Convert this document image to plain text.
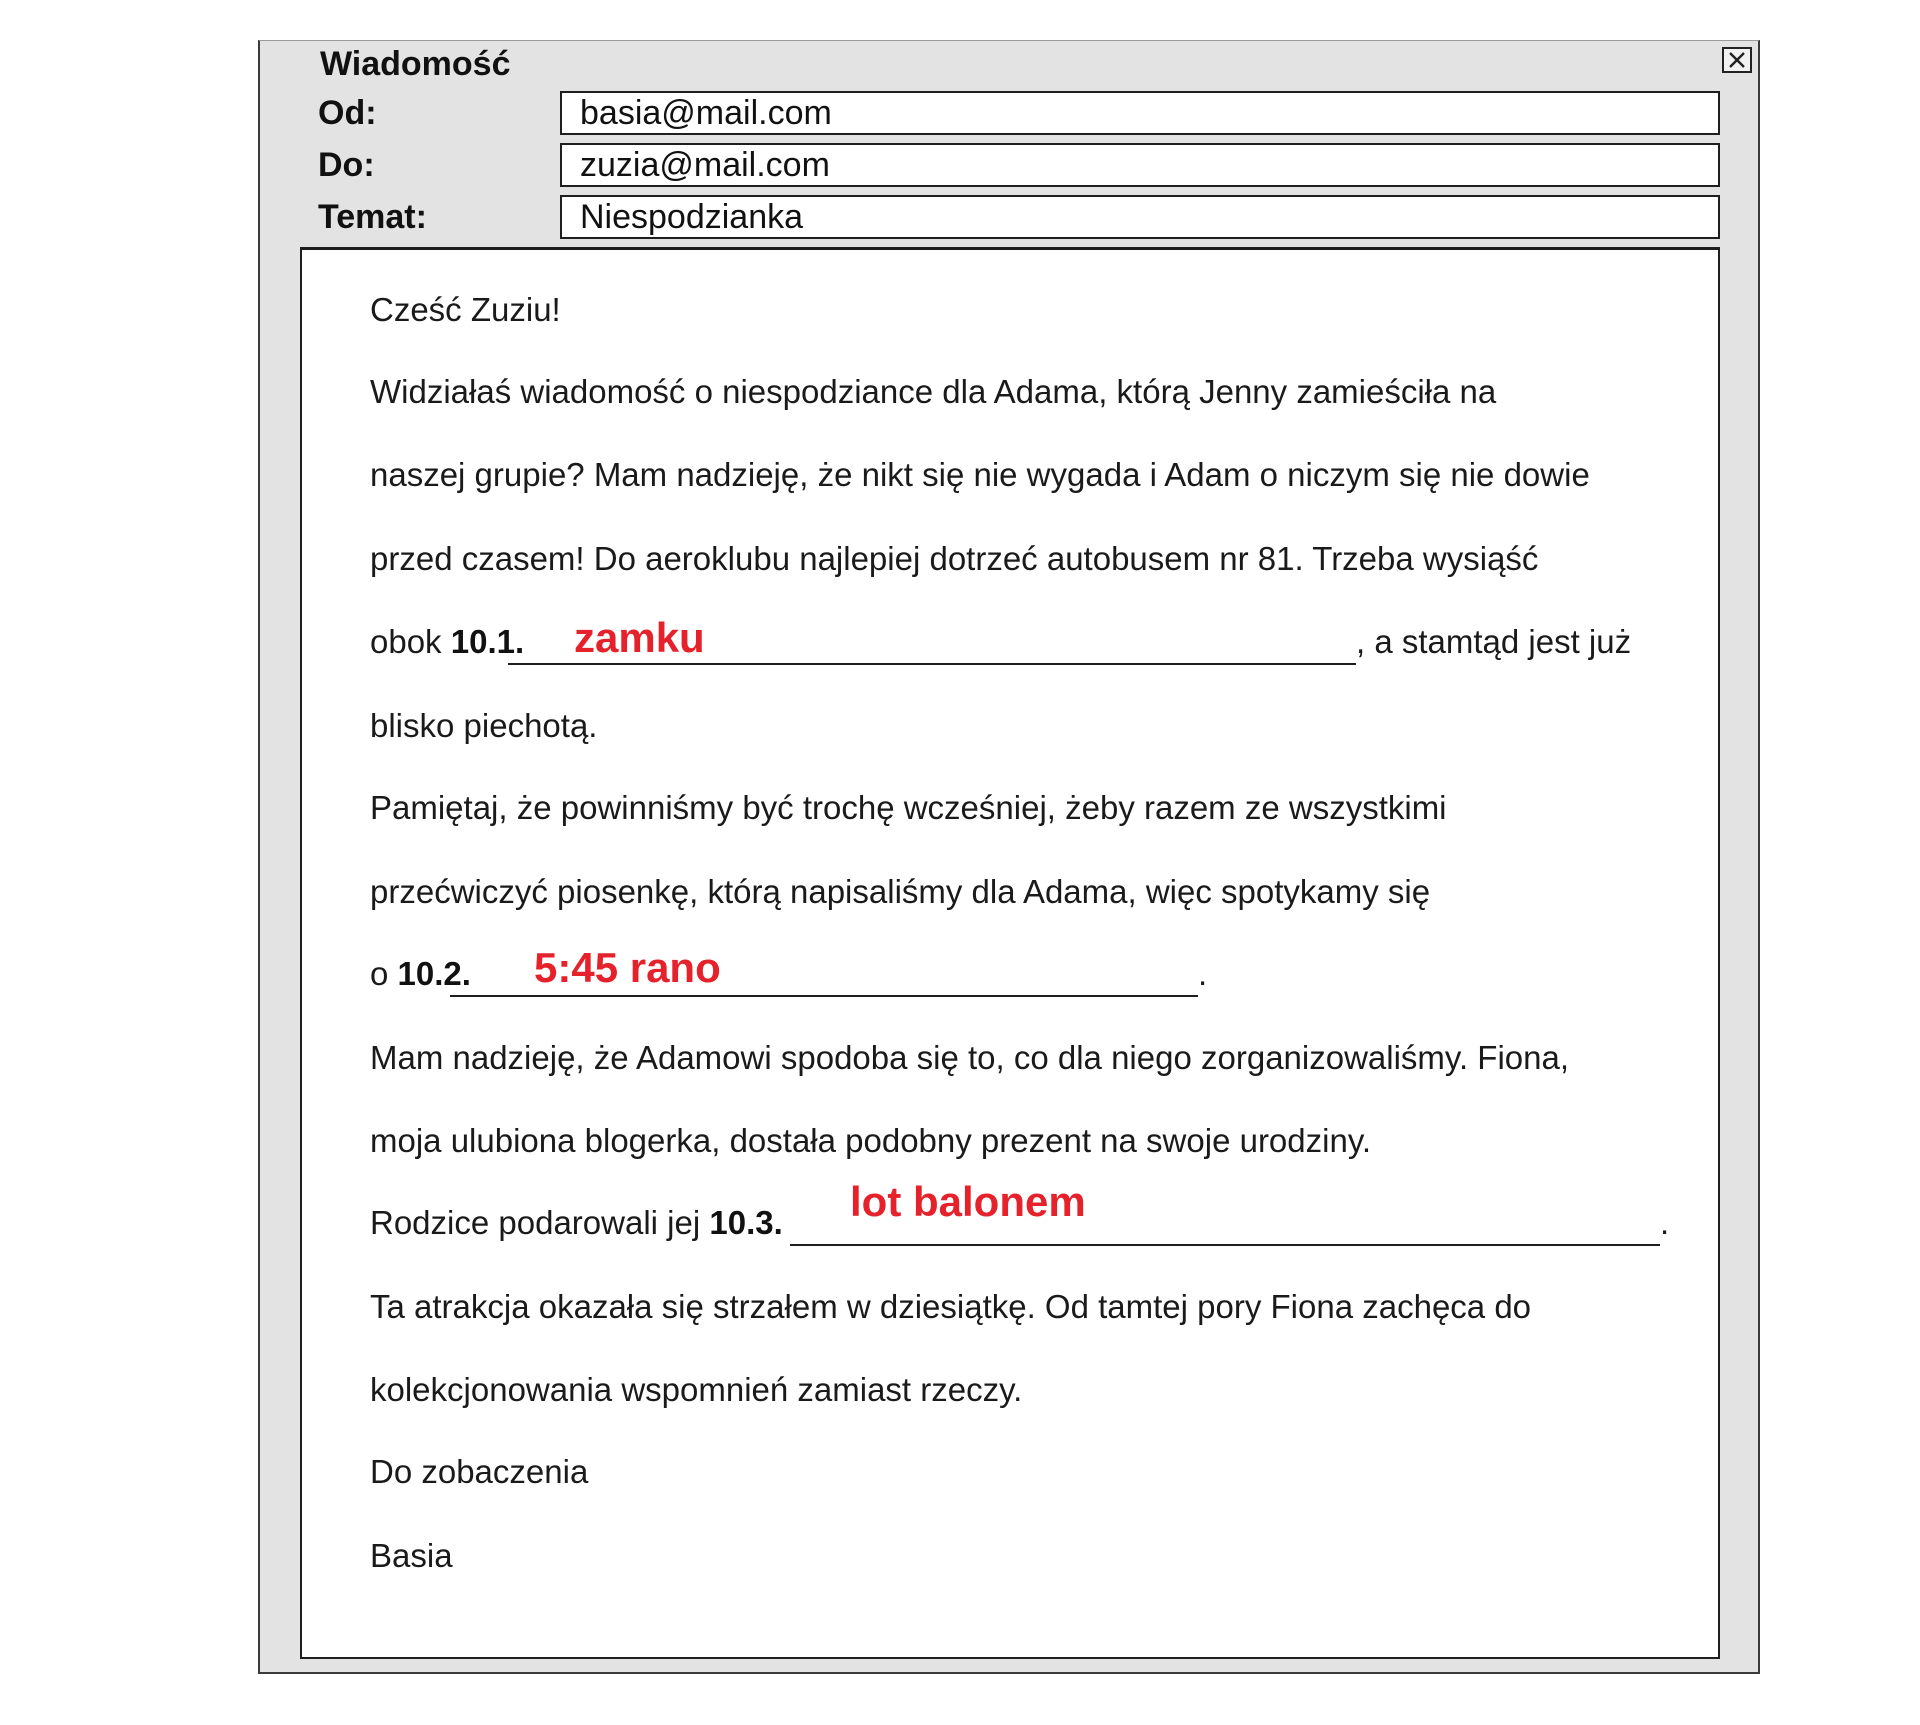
Wiadomość
Od:	basia@mail.com
Do:	zuzia@mail.com
Temat:	Niespodzianka
Cześć Zuziu!
Widziałaś wiadomość o niespodziance dla Adama, którą Jenny zamieściła na
naszej grupie? Mam nadzieję, że nikt się nie wygada i Adam o niczym się nie dowie
przed czasem! Do aeroklubu najlepiej dotrzeć autobusem nr 81. Trzeba wysiąść
obok 10.1. zamku	, a stamtąd jest już
blisko piechotą.
Pamiętaj, że powinniśmy być trochę wcześniej, żeby razem ze wszystkimi
przećwiczyć piosenkę, którą napisaliśmy dla Adama, więc spotykamy się
o 10.2. 5:45 rano	.
Mam nadzieję, że Adamowi spodoba się to, co dla niego zorganizowaliśmy. Fiona,
moja ulubiona blogerka, dostała podobny prezent na swoje urodziny.
Rodzice podarowali jej 10.3. lot balonem	.
Ta atrakcja okazała się strzałem w dziesiątkę. Od tamtej pory Fiona zachęca do
kolekcjonowania wspomnień zamiast rzeczy.
Do zobaczenia
Basia
